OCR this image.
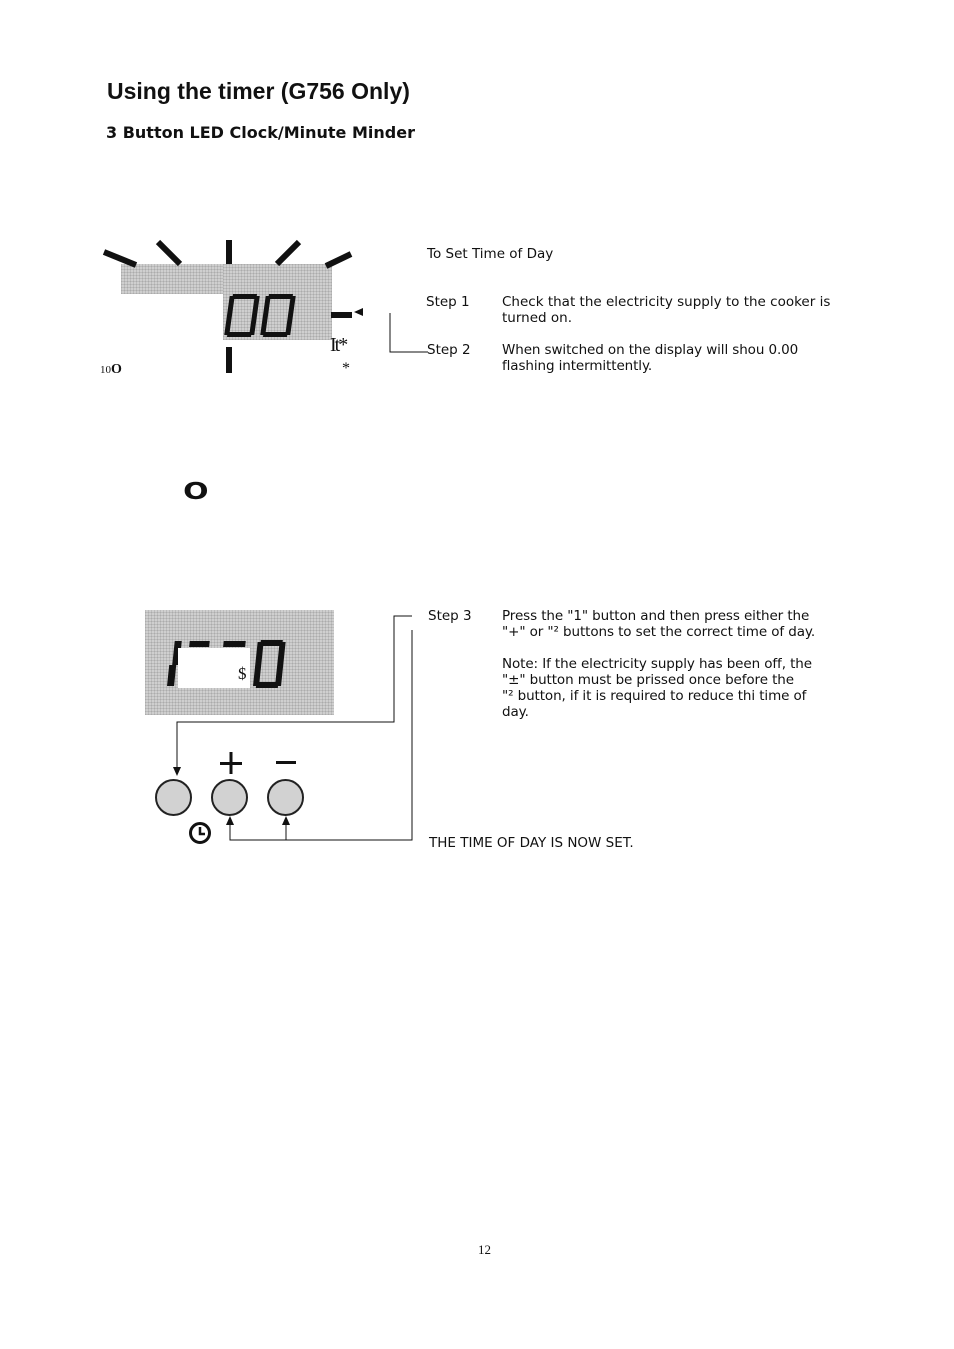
Using the timer (G756 Only)
3 Button LED Clock/Minute Minder
10O
It*
*
O
To Set Time of Day
Step 1 Check that the electricity supply to the cooker is
turned on.
Step 2 When switched on the display will shou 0.00
flashing intermittently.
$
Step 3 Press the "1" button and then press either the
"+" or "² buttons to set the correct time of day.
Note: If the electricity supply has been off, the
"±" button must be prissed once before the
"² button, if it is required to reduce thi time of
day.
THE TIME OF DAY IS NOW SET.
12
